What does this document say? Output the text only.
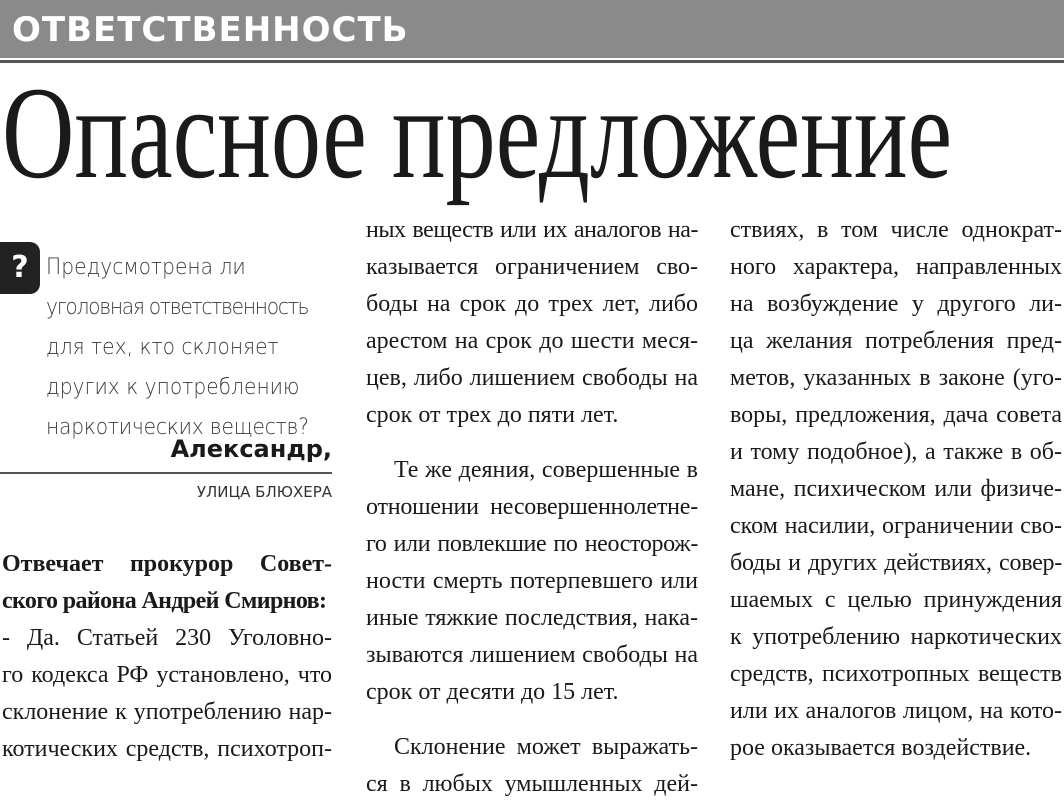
ОТВЕТСТВЕННОСТЬ
Опасное предложение
? Предусмотрена ли
уголовная ответственность
для тех, кто склоняет
других к употреблению
наркотических веществ?
Александр,
УЛИЦА БЛЮХЕРА
Отвечает прокурор Совет-
ского района Андрей Смирнов:
- Да. Статьей 230 Уголовно-
го кодекса РФ установлено, что
склонение к употреблению нар-
котических средств, психотроп-
ных веществ или их аналогов на-
казывается ограничением сво-
боды на срок до трех лет, либо
арестом на срок до шести меся-
цев, либо лишением свободы на
срок от трех до пяти лет.
Те же деяния, совершенные в
отношении несовершеннолетне-
го или повлекшие по неосторож-
ности смерть потерпевшего или
иные тяжкие последствия, нака-
зываются лишением свободы на
срок от десяти до 15 лет.
Склонение может выражать-
ся в любых умышленных дей-
ствиях, в том числе однократ-
ного характера, направленных
на возбуждение у другого ли-
ца желания потребления пред-
метов, указанных в законе (уго-
воры, предложения, дача совета
и тому подобное), а также в об-
мане, психическом или физиче-
ском насилии, ограничении сво-
боды и других действиях, совер-
шаемых с целью принуждения
к употреблению наркотических
средств, психотропных веществ
или их аналогов лицом, на кото-
рое оказывается воздействие.
